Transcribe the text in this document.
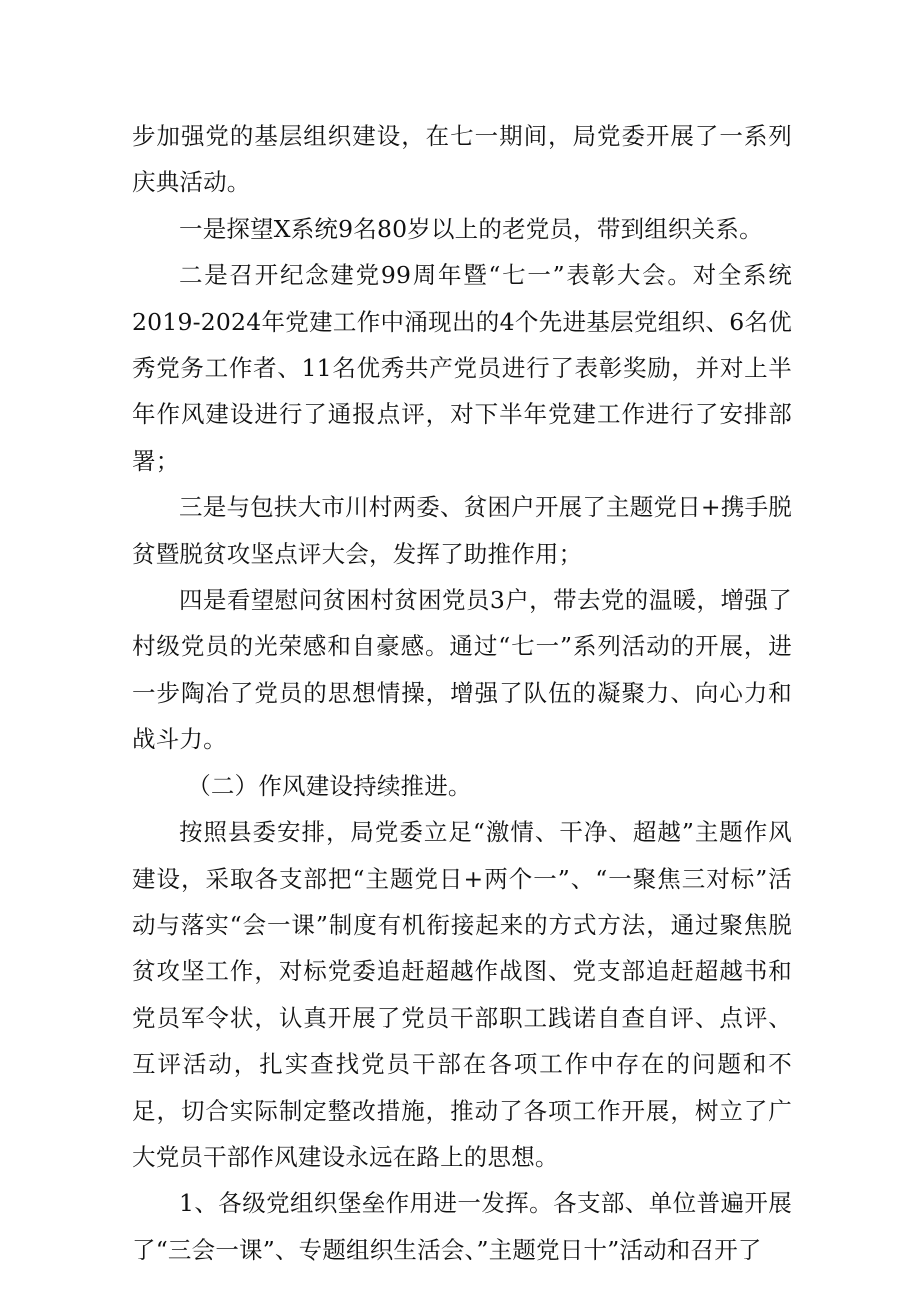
步加强党的基层组织建设，在七一期间，局党委开展了一系列庆典活动。

一是探望X系统9名80岁以上的老党员，带到组织关系。

二是召开纪念建党99周年暨“七一”表彰大会。对全系统2019-2024年党建工作中涌现出的4个先进基层党组织、6名优秀党务工作者、11名优秀共产党员进行了表彰奖励，并对上半年作风建设进行了通报点评，对下半年党建工作进行了安排部署；

三是与包扶大市川村两委、贫困户开展了主题党日+携手脱贫暨脱贫攻坚点评大会，发挥了助推作用；

四是看望慰问贫困村贫困党员3户，带去党的温暖，增强了村级党员的光荣感和自豪感。通过“七一”系列活动的开展，进一步陶冶了党员的思想情操，增强了队伍的凝聚力、向心力和战斗力。

（二）作风建设持续推进。

按照县委安排，局党委立足“激情、干净、超越”主题作风建设，采取各支部把“主题党日+两个一”、“一聚焦三对标”活动与落实“会一课”制度有机衔接起来的方式方法，通过聚焦脱贫攻坚工作，对标党委追赶超越作战图、党支部追赶超越书和党员军令状，认真开展了党员干部职工践诺自查自评、点评、互评活动，扎实查找党员干部在各项工作中存在的问题和不足，切合实际制定整改措施，推动了各项工作开展，树立了广大党员干部作风建设永远在路上的思想。

1、各级党组织堡垒作用进一发挥。各支部、单位普遍开展了“三会一课”、专题组织生活会、”主题党日十”活动和召开了
